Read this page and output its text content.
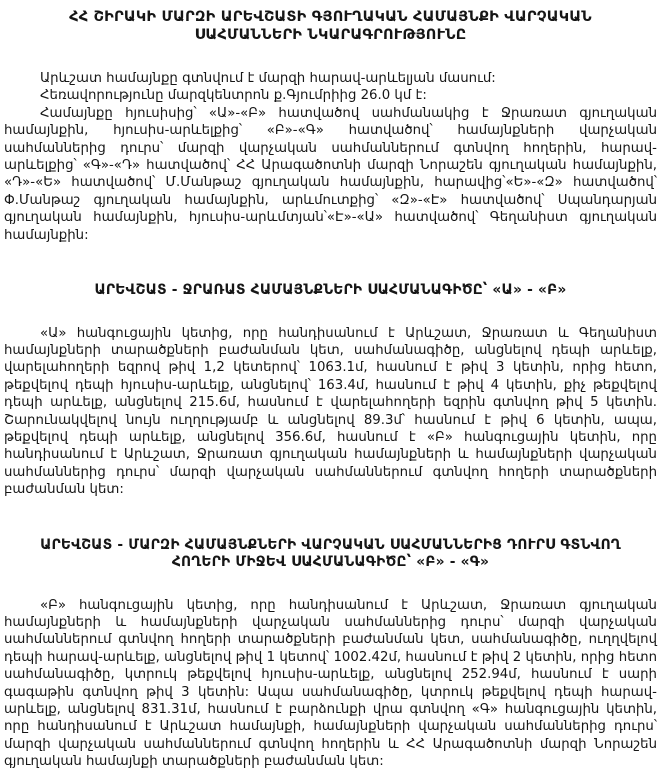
ՀՀ ՇԻՐԱԿԻ ՄԱՐԶԻ ԱՐԵՎՇԱՏԻ ԳՅՈՒՂԱԿԱՆ ՀԱՄԱՅՆՔԻ ՎԱՐՉԱԿԱՆ
ՍԱՀՄԱՆՆԵՐԻ ՆԿԱՐԱԳՐՈՒԹՅՈՒՆԸ

Արևշատ համայնքը գտնվում է մարզի հարավ-արևելյան մասում:

Հեռավորությունը մարզկենտրոն ք.Գյումրիից 26.0 կմ է:

Համայնքը հյուսիսից՝ «Ա»-«Բ» հատվածով սահմանակից է Ջրառատ գյուղական համայնքին, հյուսիս-արևելքից՝ «Բ»-«Գ» հատվածով՝ համայնքների վարչական սահմաններից դուրս՝ մարզի վարչական սահմաններում գտնվող հողերին, հարավ-արևելքից՝ «Գ»-«Դ» հատվածով՝ ՀՀ Արագածոտնի մարզի Նորաշեն գյուղական համայնքին, «Դ»-«Ե» հատվածով՝ Մ.Մանթաշ գյուղական համայնքին, հարավից՝«Ե»-«Զ» հատվածով՝ Փ.Մանթաշ գյուղական համայնքին, արևմուտքից՝ «Զ»-«Է» հատվածով՝ Սպանդարյան գյուղական համայնքին, հյուսիս-արևմտյան՝«Է»-«Ա» հատվածով՝ Գեղանիստ գյուղական համայնքին:

ԱՐԵՎՇԱՏ - ՋՐԱՌԱՏ ՀԱՄԱՅՆՔՆԵՐԻ ՍԱՀՄԱՆԱԳԻԾԸ՝ «Ա» - «Բ»

«Ա» հանգուցային կետից, որը հանդիսանում է Արևշատ, Ջրառատ և Գեղանիստ համայնքների տարածքների բաժանման կետ, սահմանագիծը, անցնելով դեպի արևելք, վարելահողերի եզրով թիվ 1,2 կետերով՝ 1063.1մ, հասնում է թիվ 3 կետին, որից հետո, թեքվելով դեպի հյուսիս-արևելք, անցնելով՝ 163.4մ, հասնում է թիվ 4 կետին, քիչ թեքվելով դեպի արևելք, անցնելով 215.6մ, հասնում է վարելահողերի եզրին գտնվող թիվ 5 կետին. Շարունակվելով նույն ուղղությամբ և անցնելով 89.3մ՝ հասնում է թիվ 6 կետին, ապա, թեքվելով դեպի արևելք, անցնելով 356.6մ, հասնում է «Բ» հանգուցային կետին, որը հանդիսանում է Արևշատ, Ջրառատ գյուղական համայնքների և համայնքների վարչական սահմաններից դուրս՝ մարզի վարչական սահմաններում գտնվող հողերի տարածքների բաժանման կետ:

ԱՐԵՎՇԱՏ - ՄԱՐԶԻ ՀԱՄԱՅՆՔՆԵՐԻ ՎԱՐՉԱԿԱՆ ՍԱՀՄԱՆՆԵՐԻՑ ԴՈՒՐՍ ԳՏՆՎՈՂ
ՀՈՂԵՐԻ ՄԻՋԵՎ ՍԱՀՄԱՆԱԳԻԾԸ՝ «Բ» - «Գ»

«Բ» հանգուցային կետից, որը հանդիսանում է Արևշատ, Ջրառատ գյուղական համայնքների և համայնքների վարչական սահմաններից դուրս՝ մարզի վարչական սահմաններում գտնվող հողերի տարածքների բաժանման կետ, սահմանագիծը, ուղղվելով դեպի հարավ-արևելք, անցնելով թիվ 1 կետով՝ 1002.42մ, հասնում է թիվ 2 կետին, որից հետո սահմանագիծը, կտրուկ թեքվելով հյուսիս-արևելք, անցնելով 252.94մ, հասնում է սարի գագաթին գտնվող թիվ 3 կետին: Ապա սահմանագիծը, կտրուկ թեքվելով դեպի հարավ-արևելք, անցնելով 831.31մ, հասնում է բարձունքի վրա գտնվող «Գ» հանգուցային կետին, որը հանդիսանում է Արևշատ համայնքի, համայնքների վարչական սահմաններից դուրս՝ մարզի վարչական սահմաններում գտնվող հողերին և ՀՀ Արագածոտնի մարզի Նորաշեն գյուղական համայնքի տարածքների բաժանման կետ:
